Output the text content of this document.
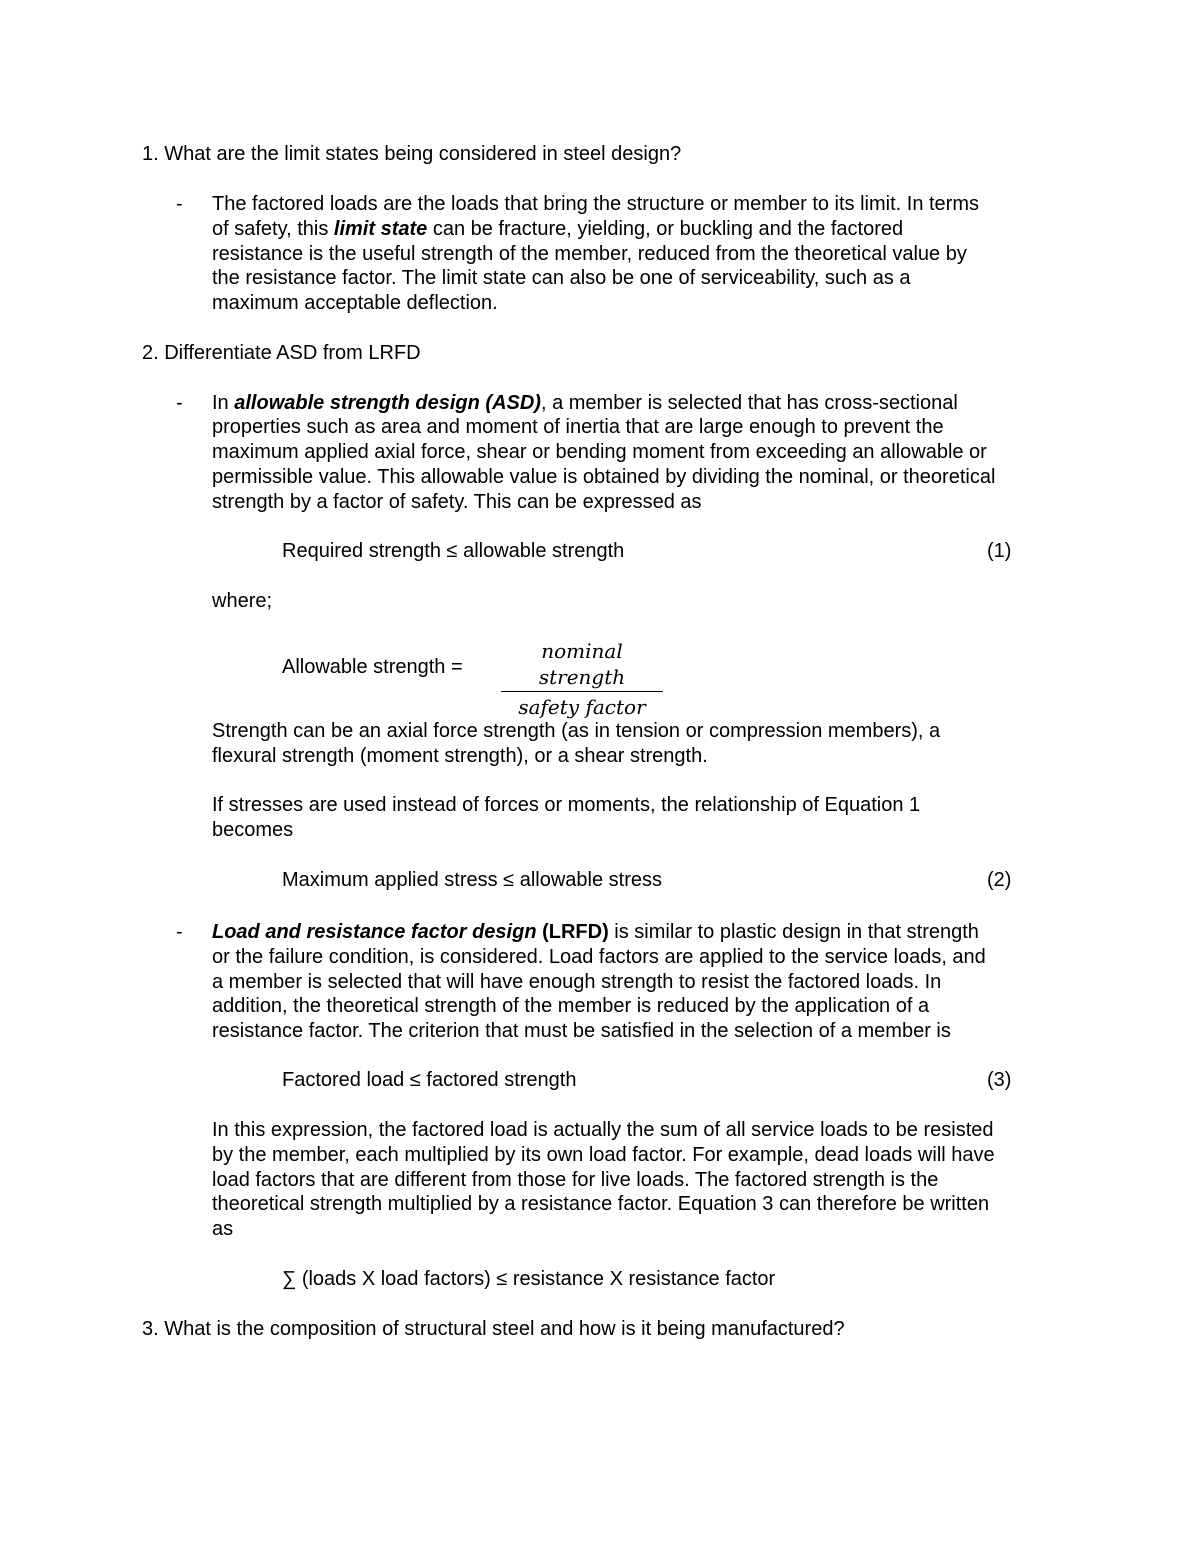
1. What are the limit states being considered in steel design?
- The factored loads are the loads that bring the structure or member to its limit. In terms
of safety, this limit state can be fracture, yielding, or buckling and the factored
resistance is the useful strength of the member, reduced from the theoretical value by
the resistance factor. The limit state can also be one of serviceability, such as a
maximum acceptable deflection.
2. Differentiate ASD from LRFD
- In allowable strength design (ASD), a member is selected that has cross-sectional
properties such as area and moment of inertia that are large enough to prevent the
maximum applied axial force, shear or bending moment from exceeding an allowable or
permissible value. This allowable value is obtained by dividing the nominal, or theoretical
strength by a factor of safety. This can be expressed as
Required strength ≤ allowable strength	(1)
where;
Allowable strength =
nominal strength
safety factor
Strength can be an axial force strength (as in tension or compression members), a
flexural strength (moment strength), or a shear strength.
If stresses are used instead of forces or moments, the relationship of Equation 1
becomes
Maximum applied stress ≤ allowable stress	(2)
- Load and resistance factor design (LRFD) is similar to plastic design in that strength
or the failure condition, is considered. Load factors are applied to the service loads, and
a member is selected that will have enough strength to resist the factored loads. In
addition, the theoretical strength of the member is reduced by the application of a
resistance factor. The criterion that must be satisfied in the selection of a member is
Factored load ≤ factored strength	(3)
In this expression, the factored load is actually the sum of all service loads to be resisted
by the member, each multiplied by its own load factor. For example, dead loads will have
load factors that are different from those for live loads. The factored strength is the
theoretical strength multiplied by a resistance factor. Equation 3 can therefore be written
as
∑ (loads X load factors) ≤ resistance X resistance factor
3. What is the composition of structural steel and how is it being manufactured?
